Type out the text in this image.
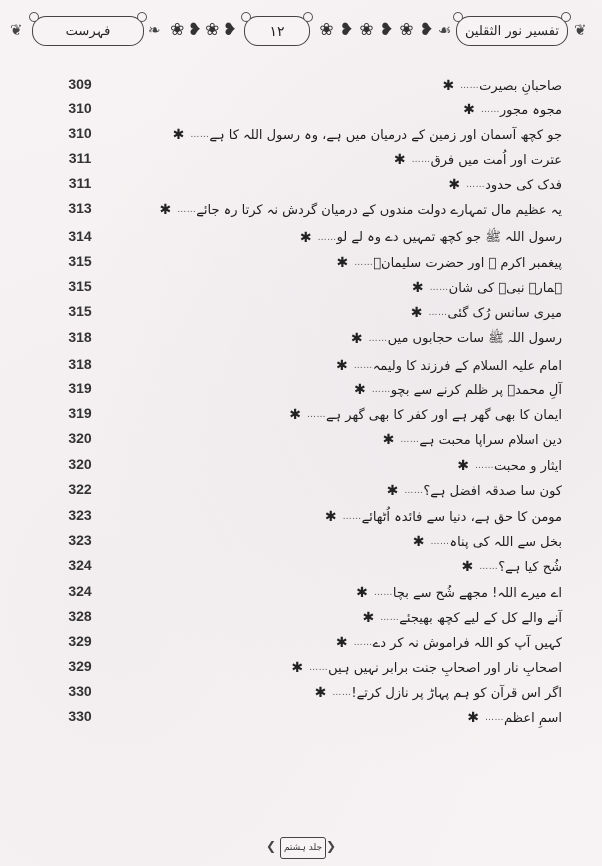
❦	فہرست	❧ ❀ ❥ ❀ ❥ ۱۲ ❀ ❥ ❀ ❥ ❀ ❥ ☙ تفسیر نور الثقلین ❦
309	✱ …… صاحبانِ بصیرت
310	✱ …… مجوہ مجور
310	✱ …… جو کچھ آسمان اور زمین کے درمیان میں ہے، وہ رسول اللہ کا ہے
311	✱ …… عترت اور اُمت میں فرق
311	✱ …… فدک کی حدود
313	✱ …… یہ عظیم مال تمہارے دولت مندوں کے درمیان گردش نہ کرتا رہ جائے
314	✱ …… رسول اللہ ﷺ جو کچھ تمہیں دے وہ لے لو
315	✱ …… پیغمبر اکرم ﷺ اور حضرت سلیمانؑ
315	✱ …… ہمارے نبیؐ کی شان
315	✱ …… میری سانس رُک گئی
318	✱ …… رسول اللہ ﷺ سات حجابوں میں
318	✱ …… امام علیہ السلام کے فرزند کا ولیمہ
319	✱ …… آلِ محمدؐ پر ظلم کرنے سے بچو
319	✱ …… ایمان کا بھی گھر ہے اور کفر کا بھی گھر ہے
320	✱ …… دین اسلام سراپا محبت ہے
320	✱ …… ایثار و محبت
322	✱ …… کون سا صدقہ افضل ہے؟
323	✱ …… مومن کا حق ہے، دنیا سے فائدہ اُٹھائے
323	✱ …… بخل سے اللہ کی پناہ
324	✱ …… شُح کیا ہے؟
324	✱ …… اے میرے اللہ! مجھے شُح سے بچا
328	✱ …… آنے والے کل کے لیے کچھ بھیجئے
329	✱ …… کہیں آپ کو اللہ فراموش نہ کر دے
329	✱ …… اصحابِ نار اور اصحابِ جنت برابر نہیں ہیں
330	✱ …… اگر اس قرآن کو ہم پہاڑ پر نازل کرتے!
330	✱ …… اسمِ اعظم
❮ جلد ہشتم ❯
